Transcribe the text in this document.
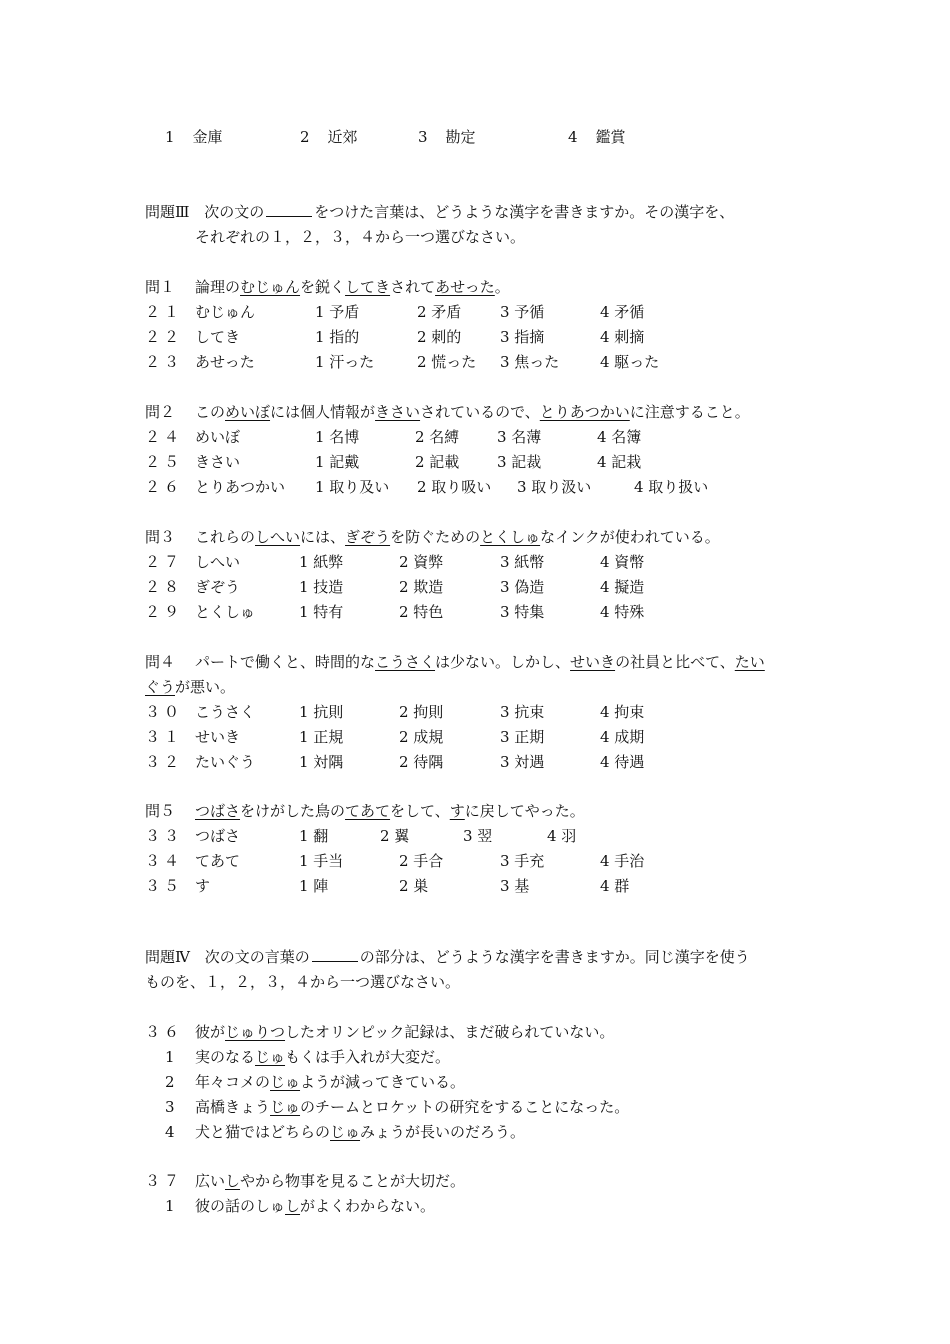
1 金庫	2 近郊	3 勘定	4 鑑賞
問題Ⅲ 次の文の	をつけた言葉は、どうような漢字を書きますか。その漢字を、
それぞれの１，２，３，４から一つ選びなさい。
問１ 論理のむじゅんを鋭くしてきされてあせった。
２１ むじゅん	1 予盾	2 矛盾	3 予循	4 矛循
２２ してき	1 指的	2 刺的	3 指摘	4 刺摘
２３ あせった	1 汗った	2 慌った 3 焦った	4 駆った
問２ このめいぼには個人情報がきさいされているので、とりあつかいに注意すること。
２４ めいぼ	1 名博	2 名縛	3 名薄	4 名簿
２５ きさい	1 記戴	2 記載	3 記裁	4 記栽
２６ とりあつかい 1 取り及い 2 取り吸い 3 取り汲い	4 取り扱い
問３ これらのしへいには、ぎぞうを防ぐためのとくしゅなインクが使われている。
２７ しへい	1 紙弊	2 資弊	3 紙幣	4 資幣
２８ ぎぞう	1 技造	2 欺造	3 偽造	4 擬造
２９ とくしゅ	1 特有	2 特色	3 特集	4 特殊
問４ パートで働くと、時間的なこうさくは少ない。しかし、せいきの社員と比べて、たい
ぐうが悪い。
３０ こうさく	1 抗則	2 拘則	3 抗束	4 拘束
３１ せいき	1 正規	2 成規	3 正期	4 成期
３２ たいぐう	1 対隅	2 待隅	3 対遇	4 待遇
問５ つばさをけがした鳥のてあてをして、すに戻してやった。
３３ つばさ	1 翻	2 翼	3 翌	4 羽
３４ てあて	1 手当	2 手合	3 手充	4 手治
３５ す	1 陣	2 巣	3 基	4 群
問題Ⅳ 次の文の言葉の	の部分は、どうような漢字を書きますか。同じ漢字を使う
ものを、１，２，３，４から一つ選びなさい。
３６ 彼がじゅりつしたオリンピック記録は、まだ破られていない。
1 実のなるじゅもくは手入れが大変だ。
2 年々コメのじゅようが減ってきている。
3 高橋きょうじゅのチームとロケットの研究をすることになった。
4 犬と猫ではどちらのじゅみょうが長いのだろう。
３７ 広いしやから物事を見ることが大切だ。
1 彼の話のしゅしがよくわからない。
